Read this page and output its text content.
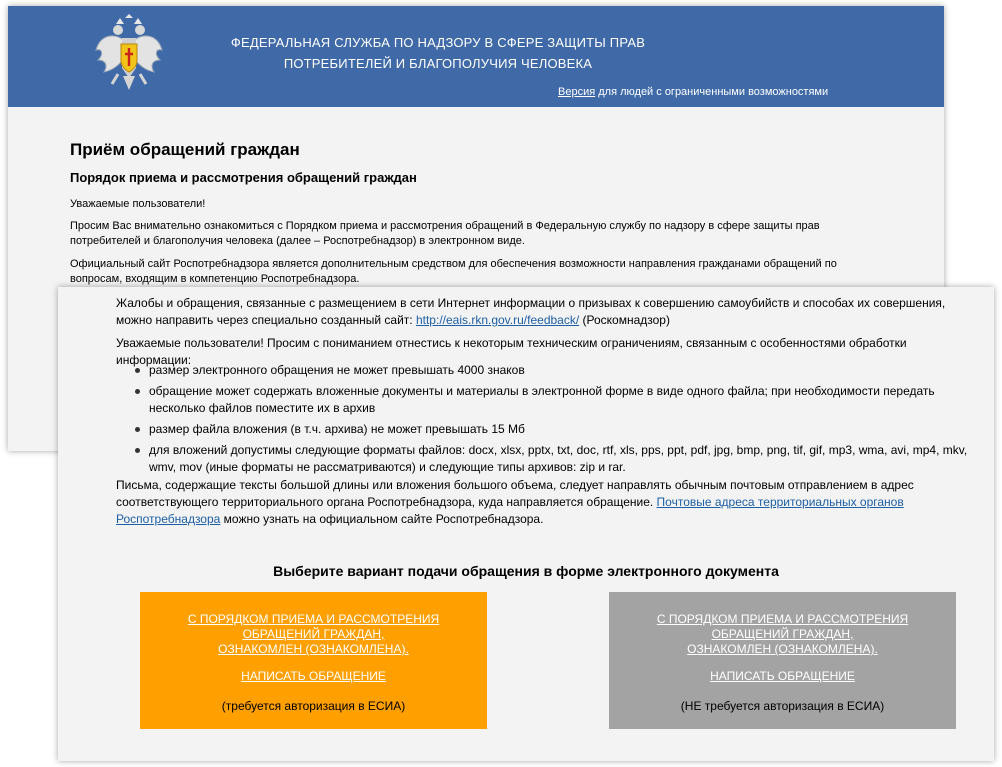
ФЕДЕРАЛЬНАЯ СЛУЖБА ПО НАДЗОРУ В СФЕРЕ ЗАЩИТЫ ПРАВ
ПОТРЕБИТЕЛЕЙ И БЛАГОПОЛУЧИЯ ЧЕЛОВЕКА
Версия для людей с ограниченными возможностями
Приём обращений граждан
Порядок приема и рассмотрения обращений граждан

Уважаемые пользователи!

Просим Вас внимательно ознакомиться с Порядком приема и рассмотрения обращений в Федеральную службу по надзору в сфере защиты прав потребителей и благополучия человека (далее – Роспотребнадзор) в электронном виде.

Официальный сайт Роспотребнадзора является дополнительным средством для обеспечения возможности направления гражданами обращений по вопросам, входящим в компетенцию Роспотребнадзора.

Жалобы и обращения, связанные с размещением в сети Интернет информации о призывах к совершению самоубийств и способах их совершения, можно направить через специально созданный сайт: http://eais.rkn.gov.ru/feedback/ (Роскомнадзор)

Уважаемые пользователи! Просим с пониманием отнестись к некоторым техническим ограничениям, связанным с особенностями обработки информации:

размер электронного обращения не может превышать 4000 знаков
обращение может содержать вложенные документы и материалы в электронной форме в виде одного файла; при необходимости передать несколько файлов поместите их в архив
размер файла вложения (в т.ч. архива) не может превышать 15 Мб
для вложений допустимы следующие форматы файлов: docx, xlsx, pptx, txt, doc, rtf, xls, pps, ppt, pdf, jpg, bmp, png, tif, gif, mp3, wma, avi, mp4, mkv, wmv, mov (иные форматы не рассматриваются) и следующие типы архивов: zip и rar.

Письма, содержащие тексты большой длины или вложения большого объема, следует направлять обычным почтовым отправлением в адрес соответствующего территориального органа Роспотребнадзора, куда направляется обращение. Почтовые адреса территориальных органов Роспотребнадзора можно узнать на официальном сайте Роспотребнадзора.

Выберите вариант подачи обращения в форме электронного документа
С ПОРЯДКОМ ПРИЕМА И РАССМОТРЕНИЯ
ОБРАЩЕНИЙ ГРАЖДАН,
ОЗНАКОМЛЕН (ОЗНАКОМЛЕНА).
НАПИСАТЬ ОБРАЩЕНИЕ
(требуется авторизация в ЕСИА)
С ПОРЯДКОМ ПРИЕМА И РАССМОТРЕНИЯ
ОБРАЩЕНИЙ ГРАЖДАН,
ОЗНАКОМЛЕН (ОЗНАКОМЛЕНА).
НАПИСАТЬ ОБРАЩЕНИЕ
(НЕ требуется авторизация в ЕСИА)
